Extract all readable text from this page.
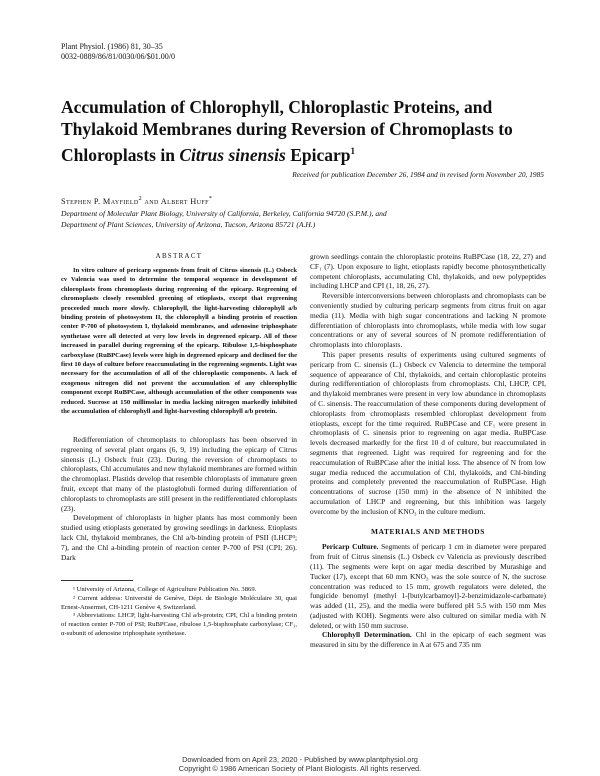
Plant Physiol. (1986) 81, 30–35
0032-0889/86/81/0030/06/$01.00/0
Accumulation of Chlorophyll, Chloroplastic Proteins, and
Thylakoid Membranes during Reversion of Chromoplasts to
Chloroplasts in Citrus sinensis Epicarp$^1$
Received for publication December 26, 1984 and in revised form November 20, 1985
Stephen P. Mayfield$^2$ and Albert Huff*
Department of Molecular Plant Biology, University of California, Berkeley, California 94720 (S.P.M.), and
Department of Plant Sciences, University of Arizona, Tucson, Arizona 85721 (A.H.)
ABSTRACT
In vitro culture of pericarp segments from fruit of Citrus sinensis (L.) Osbeck cv Valencia was used to determine the temporal sequence in development of chloroplasts from chromoplasts during regreening of the epicarp. Regreening of chromoplasts closely resembled greening of etioplasts, except that regreening proceeded much more slowly. Chlorophyll, the light-harvesting chlorophyll a/b binding protein of photosystem II, the chlorophyll a binding protein of reaction center P-700 of photosystem I, thylakoid membranes, and adenosine triphosphate synthetase were all detected at very low levels in degreened epicarp. All of these increased in parallel during regreening of the epicarp. Ribulose 1,5-bisphosphate carboxylase (RuBPCase) levels were high in degreened epicarp and declined for the first 10 days of culture before reaccumulating in the regreening segments. Light was necessary for the accumulation of all of the chloroplastic components. A lack of exogenous nitrogen did not prevent the accumulation of any chlorophyllic component except RuBPCase, although accumulation of the other components was reduced. Sucrose at 150 millimolar in media lacking nitrogen markedly inhibited the accumulation of chlorophyll and light-harvesting chlorophyll a/b protein.

Redifferentiation of chromoplasts to chloroplasts has been observed in regreening of several plant organs (6, 9, 19) including the epicarp of Citrus sinensis (L.) Osbeck fruit (23). During the reversion of chromoplasts to chloroplasts, Chl accumulates and new thylakoid membranes are formed within the chromoplast. Plastids develop that resemble chloroplasts of immature green fruit, except that many of the plastoglobuli formed during differentiation of chloroplasts to chromoplasts are still present in the redifferentiated chloroplasts (23).

Development of chloroplasts in higher plants has most commonly been studied using etioplasts generated by growing seedlings in darkness. Etioplasts lack Chl, thylakoid membranes, the Chl a/b-binding protein of PSII (LHCP³; 7), and the Chl a-binding protein of reaction center P-700 of PSI (CPI; 26). Dark

¹ University of Arizona, College of Agriculture Publication No. 3869.

² Current address: Université de Genève, Dépt. de Biologie Moléculaire 30, quai Ernest-Ansermet, CH-1211 Genève 4, Switzerland.

³ Abbreviations: LHCP, light-harvesting Chl a/b-protein; CPI, Chl a binding protein of reaction center P-700 of PSI; RuBPCase, ribulose 1,5-bisphosphate carboxylase; CF₁, α-subunit of adenosine triphosphate synthetase.

grown seedlings contain the chloroplastic proteins RuBPCase (18, 22, 27) and CF₁ (7). Upon exposure to light, etioplasts rapidly become photosynthetically competent chloroplasts, accumulating Chl, thylakoids, and new polypeptides including LHCP and CPI (1, 18, 26, 27).

Reversible interconversions between chloroplasts and chromoplasts can be conveniently studied by culturing pericarp segments from citrus fruit on agar media (11). Media with high sugar concentrations and lacking N promote differentiation of chloroplasts into chromoplasts, while media with low sugar concentrations or any of several sources of N promote redifferentiation of chromoplasts into chloroplasts.

This paper presents results of experiments using cultured segments of pericarp from C. sinensis (L.) Osbeck cv Valencia to determine the temporal sequence of appearance of Chl, thylakoids, and certain chloroplastic proteins during redifferentiation of chloroplasts from chromoplasts. Chl, LHCP, CPI, and thylakoid membranes were present in very low abundance in chromoplasts of C. sinensis. The reaccumulation of these components during development of chloroplasts from chromoplasts resembled chloroplast development from etioplasts, except for the time required. RuBPCase and CF₁ were present in chromoplasts of C. sinensis prior to regreening on agar media. RuBPCase levels decreased markedly for the first 10 d of culture, but reaccumulated in segments that regreened. Light was required for regreening and for the reaccumulation of RuBPCase after the initial loss. The absence of N from low sugar media reduced the accumulation of Chl, thylakoids, and Chl-binding proteins and completely prevented the reaccumulation of RuBPCase. High concentrations of sucrose (150 mm) in the absence of N inhibited the accumulation of LHCP and regreening, but this inhibition was largely overcome by the inclusion of KNO₃ in the culture medium.

MATERIALS AND METHODS

Pericarp Culture. Segments of pericarp 1 cm in diameter were prepared from fruit of Citrus sinensis (L.) Osbeck cv Valencia as previously described (11). The segments were kept on agar media described by Murashige and Tucker (17), except that 60 mm KNO₃ was the sole source of N, the sucrose concentration was reduced to 15 mm, growth regulators were deleted, the fungicide benomyl (methyl 1-[butylcarbamoyl]-2-benzimidazole-carbamate) was added (11, 25), and the media were buffered pH 5.5 with 150 mm Mes (adjusted with KOH). Segments were also cultured on similar media with N deleted, or with 150 mm sucrose.

Chlorophyll Determination. Chl in the epicarp of each segment was measured in situ by the difference in A at 675 and 735 nm

Downloaded from on April 23, 2020 - Published by www.plantphysiol.org
Copyright © 1986 American Society of Plant Biologists. All rights reserved.
